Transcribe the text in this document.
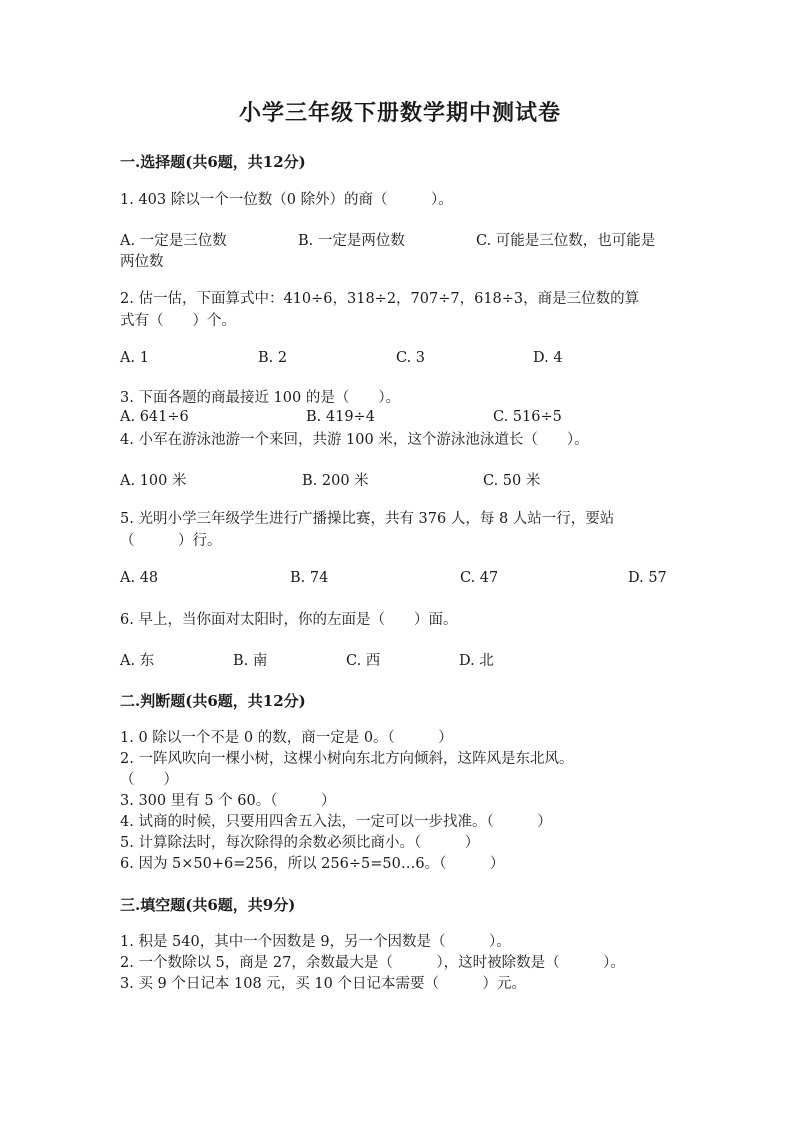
小学三年级下册数学期中测试卷
一.选择题(共6题，共12分)
1. 403 除以一个一位数（0 除外）的商（　　　）。
A. 一定是三位数	B. 一定是两位数	C. 可能是三位数，也可能是
两位数
2. 估一估，下面算式中：410÷6，318÷2，707÷7，618÷3，商是三位数的算
式有（　　）个。
A. 1	B. 2	C. 3	D. 4
3. 下面各题的商最接近 100 的是（　　）。
A. 641÷6	B. 419÷4	C. 516÷5
4. 小军在游泳池游一个来回，共游 100 米，这个游泳池泳道长（　　）。
A. 100 米	B. 200 米	C. 50 米
5. 光明小学三年级学生进行广播操比赛，共有 376 人，每 8 人站一行，要站
（　　　）行。
A. 48	B. 74	C. 47	D. 57
6. 早上，当你面对太阳时，你的左面是（　　）面。
A. 东	B. 南	C. 西	D. 北
二.判断题(共6题，共12分)
1. 0 除以一个不是 0 的数，商一定是 0。（　　　）
2. 一阵风吹向一棵小树，这棵小树向东北方向倾斜，这阵风是东北风。
（　　）
3. 300 里有 5 个 60。（　　　）
4. 试商的时候，只要用四舍五入法，一定可以一步找准。（　　　）
5. 计算除法时，每次除得的余数必须比商小。（　　　）
6. 因为 5×50+6=256，所以 256÷5=50…6。（　　　）
三.填空题(共6题，共9分)
1. 积是 540，其中一个因数是 9，另一个因数是（　　　）。
2. 一个数除以 5，商是 27，余数最大是（　　　），这时被除数是（　　　）。
3. 买 9 个日记本 108 元，买 10 个日记本需要（　　　）元。
